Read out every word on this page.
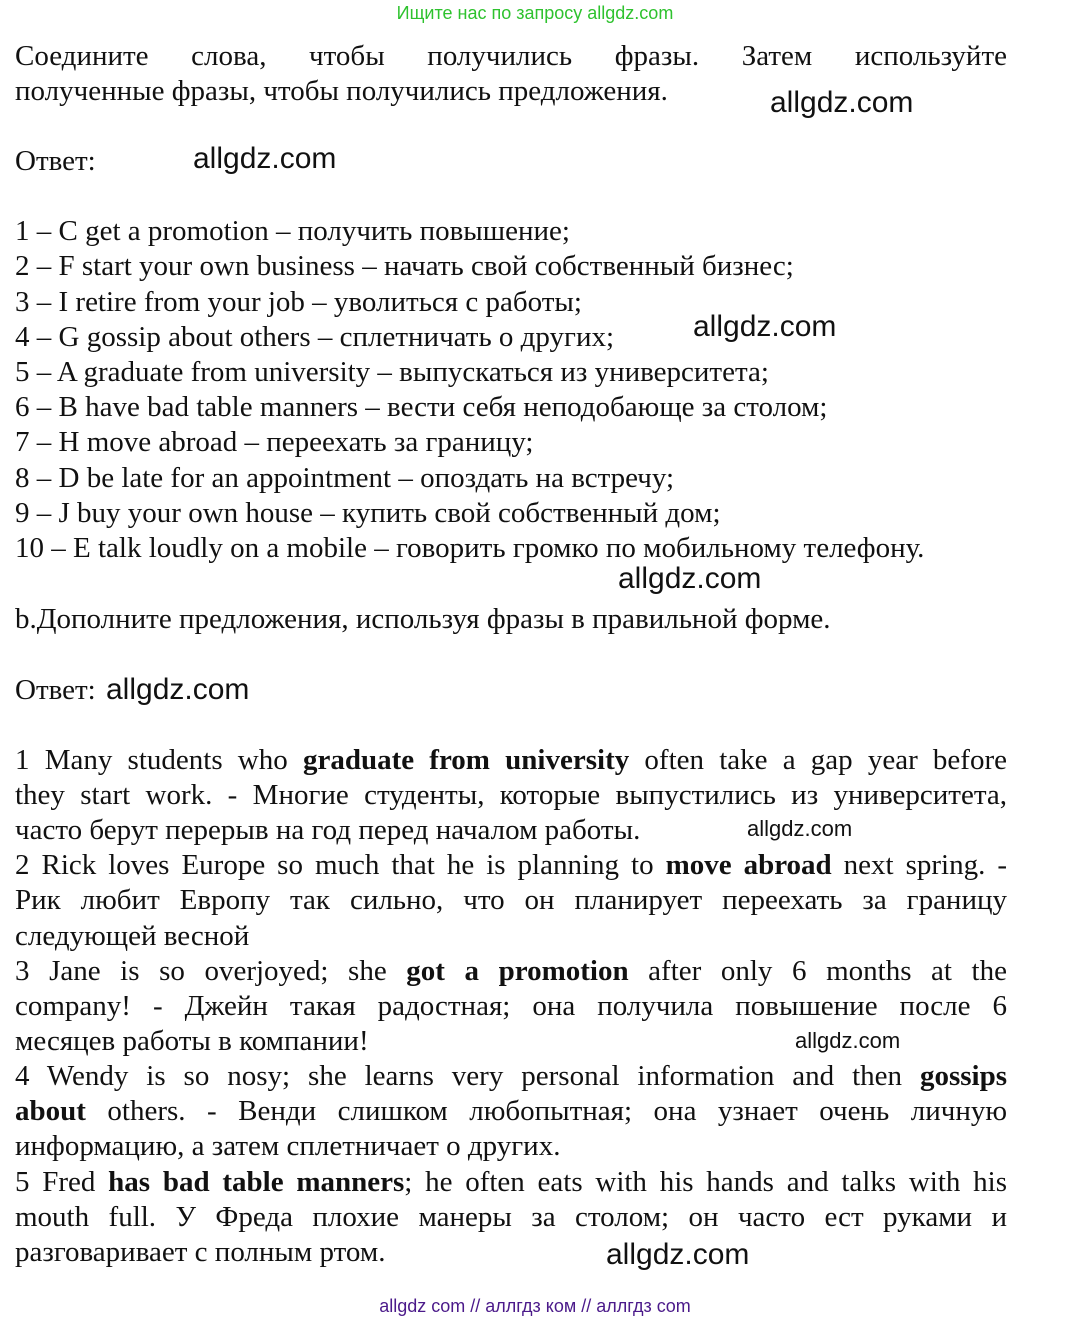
Ищите нас по запросу allgdz.com
Соедините слова, чтобы получились фразы. Затем используйте
полученные фразы, чтобы получились предложения.
Ответ:
1 – C get a promotion – получить повышение;
2 – F start your own business – начать свой собственный бизнес;
3 – I retire from your job – уволиться с работы;
4 – G gossip about others – сплетничать о других;
5 – A graduate from university – выпускаться из университета;
6 – B have bad table manners – вести себя неподобающе за столом;
7 – H move abroad – переехать за границу;
8 – D be late for an appointment – опоздать на встречу;
9 – J buy your own house – купить свой собственный дом;
10 – E talk loudly on a mobile – говорить громко по мобильному телефону.
b.Дополните предложения, используя фразы в правильной форме.
Ответ:
1 Many students who graduate from university often take a gap year before
they start work. - Многие студенты, которые выпустились из университета,
часто берут перерыв на год перед началом работы.
2 Rick loves Europe so much that he is planning to move abroad next spring. -
Рик любит Европу так сильно, что он планирует переехать за границу
следующей весной
3 Jane is so overjoyed; she got a promotion after only 6 months at the
company! - Джейн такая радостная; она получила повышение после 6
месяцев работы в компании!
4 Wendy is so nosy; she learns very personal information and then gossips
about others. - Венди слишком любопытная; она узнает очень личную
информацию, а затем сплетничает о других.
5 Fred has bad table manners; he often eats with his hands and talks with his
mouth full. У Фреда плохие манеры за столом; он часто ест руками и
разговаривает с полным ртом.
allgdz.com
allgdz.com
allgdz.com
allgdz.com
allgdz.com
allgdz.com
allgdz.com
allgdz.com
allgdz com // аллгдз ком // аллгдз com
